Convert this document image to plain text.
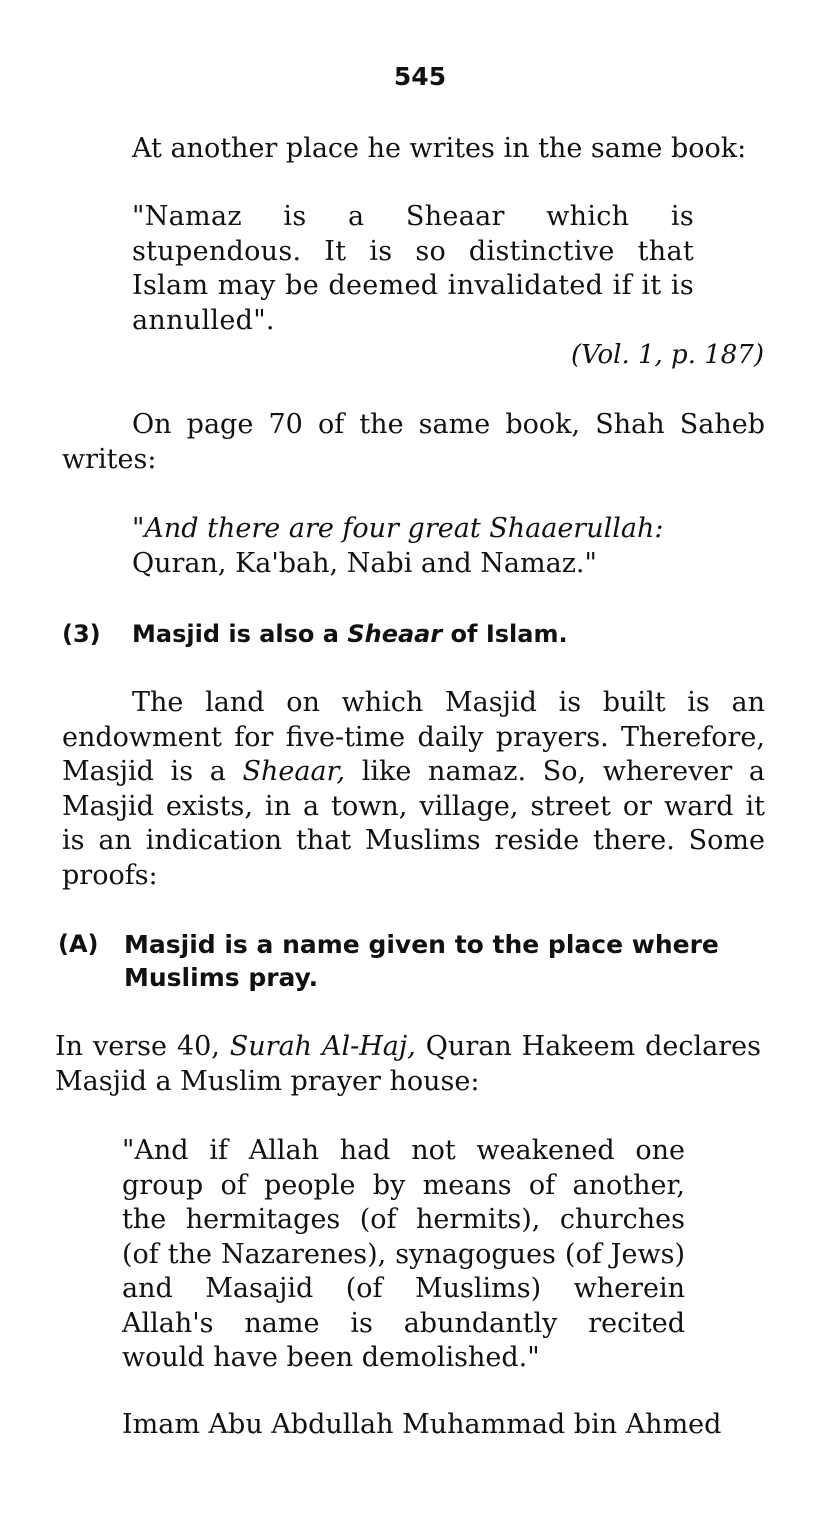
545

At another place he writes in the same book:

"Namaz is a Sheaar which is stupendous. It is so distinctive that Islam may be deemed invalidated if it is annulled".

(Vol. 1, p. 187)

On page 70 of the same book, Shah Saheb writes:

"And there are four great Shaaerullah:
Quran, Ka'bah, Nabi and Namaz."
(3) Masjid is also a Sheaar of Islam.

The land on which Masjid is built is an endowment for five-time daily prayers. Therefore, Masjid is a Sheaar, like namaz. So, wherever a Masjid exists, in a town, village, street or ward it is an indication that Muslims reside there. Some proofs:

(A) Masjid is a name given to the place where Muslims pray.

In verse 40, Surah Al-Haj, Quran Hakeem declares Masjid a Muslim prayer house:

"And if Allah had not weakened one group of people by means of another, the hermitages (of hermits), churches (of the Nazarenes), synagogues (of Jews) and Masajid (of Muslims) wherein Allah's name is abundantly recited would have been demolished."

Imam Abu Abdullah Muhammad bin Ahmed
